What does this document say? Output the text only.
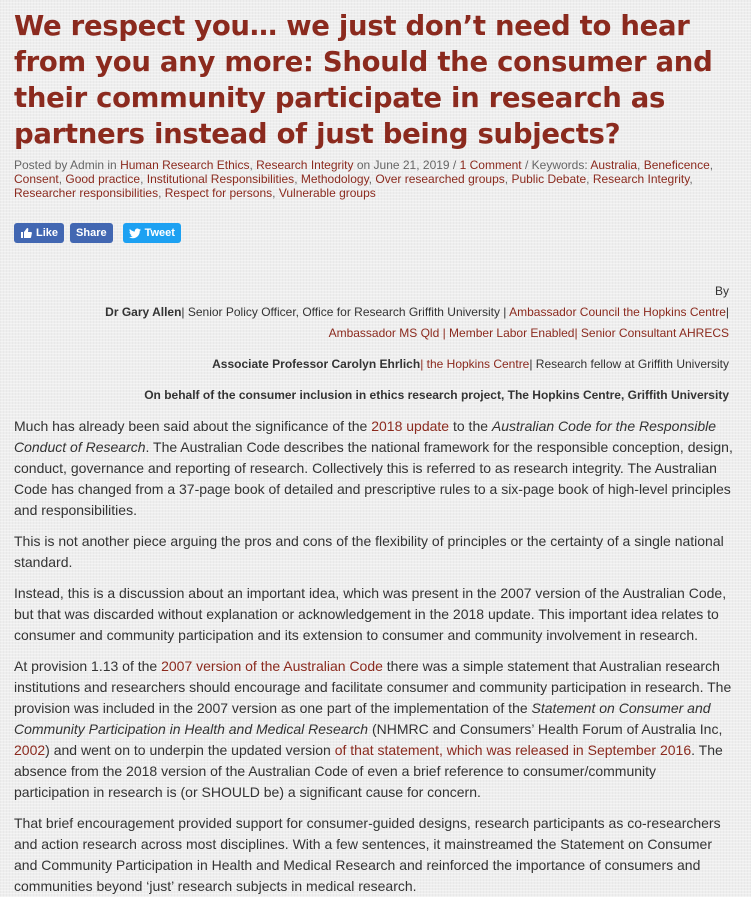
We respect you… we just don’t need to hear from you any more: Should the consumer and their community participate in research as partners instead of just being subjects?
Posted by Admin in Human Research Ethics, Research Integrity on June 21, 2019 / 1 Comment / Keywords: Australia, Beneficence, Consent, Good practice, Institutional Responsibilities, Methodology, Over researched groups, Public Debate, Research Integrity, Researcher responsibilities, Respect for persons, Vulnerable groups
Like Share	Tweet
By
Dr Gary Allen| Senior Policy Officer, Office for Research Griffith University | Ambassador Council the Hopkins Centre|
Ambassador MS Qld | Member Labor Enabled| Senior Consultant AHRECS
Associate Professor Carolyn Ehrlich| the Hopkins Centre| Research fellow at Griffith University
On behalf of the consumer inclusion in ethics research project, The Hopkins Centre, Griffith University

Much has already been said about the significance of the 2018 update to the Australian Code for the Responsible Conduct of Research. The Australian Code describes the national framework for the responsible conception, design, conduct, governance and reporting of research. Collectively this is referred to as research integrity. The Australian Code has changed from a 37-page book of detailed and prescriptive rules to a six-page book of high-level principles and responsibilities.

This is not another piece arguing the pros and cons of the flexibility of principles or the certainty of a single national standard.

Instead, this is a discussion about an important idea, which was present in the 2007 version of the Australian Code, but that was discarded without explanation or acknowledgement in the 2018 update. This important idea relates to consumer and community participation and its extension to consumer and community involvement in research.

At provision 1.13 of the 2007 version of the Australian Code there was a simple statement that Australian research institutions and researchers should encourage and facilitate consumer and community participation in research. The provision was included in the 2007 version as one part of the implementation of the Statement on Consumer and Community Participation in Health and Medical Research (NHMRC and Consumers’ Health Forum of Australia Inc, 2002) and went on to underpin the updated version of that statement, which was released in September 2016. The absence from the 2018 version of the Australian Code of even a brief reference to consumer/community participation in research is (or SHOULD be) a significant cause for concern.

That brief encouragement provided support for consumer-guided designs, research participants as co-researchers and action research across most disciplines. With a few sentences, it mainstreamed the Statement on Consumer and Community Participation in Health and Medical Research and reinforced the importance of consumers and communities beyond ‘just’ research subjects in medical research.
